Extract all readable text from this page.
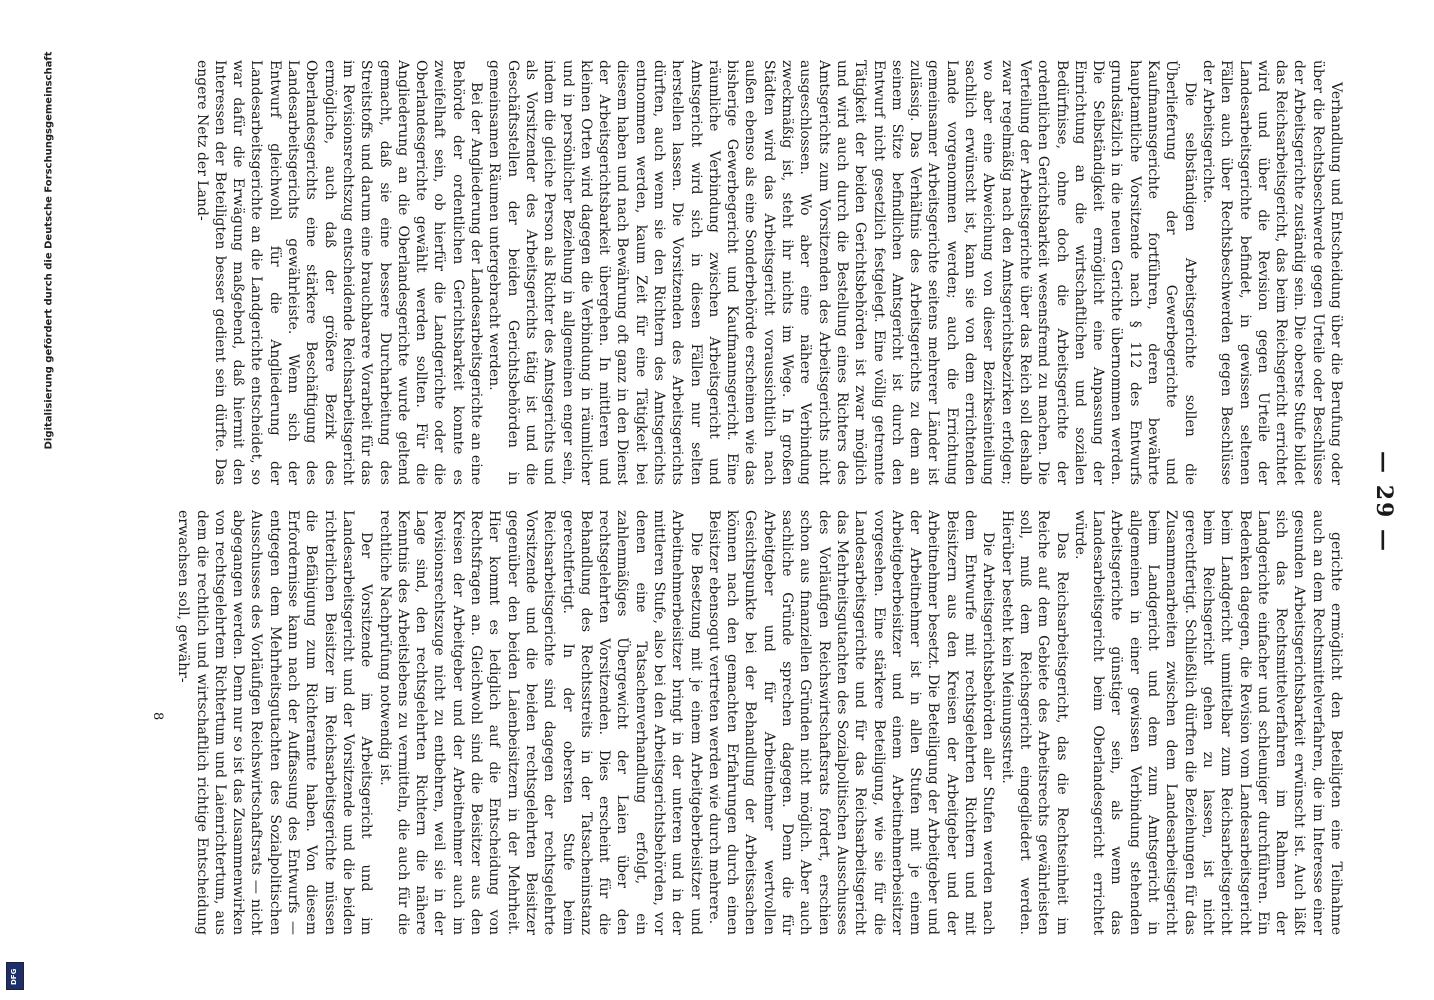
— 29 —

Verhandlung und Entscheidung über die Berufung oder über die Rechtsbeschwerde gegen Urteile oder Beschlüsse der Arbeitsgerichte zuständig sein. Die oberste Stufe bildet das Reichsarbeitsgericht, das beim Reichsgericht errichtet wird und über die Revision gegen Urteile der Landesarbeitsgerichte befindet, in gewissen seltenen Fällen auch über Rechtsbeschwerden gegen Beschlüsse der Arbeitsgerichte.

Die selbständigen Arbeitsgerichte sollen die Überlieferung der Gewerbegerichte und Kaufmannsgerichte fortführen, deren bewährte hauptamtliche Vorsitzende nach § 112 des Entwurfs grundsätzlich in die neuen Gerichte übernommen werden. Die Selbständigkeit ermöglicht eine Anpassung der Einrichtung an die wirtschaftlichen und sozialen Bedürfnisse, ohne doch die Arbeitsgerichte der ordentlichen Gerichtsbarkeit wesensfremd zu machen. Die Verteilung der Arbeitsgerichte über das Reich soll deshalb zwar regelmäßig nach den Amtsgerichtsbezirken erfolgen; wo aber eine Abweichung von dieser Bezirkseinteilung sachlich erwünscht ist, kann sie von dem errichtenden Lande vorgenommen werden; auch die Errichtung gemeinsamer Arbeitsgerichte seitens mehrerer Länder ist zulässig. Das Verhältnis des Arbeitsgerichts zu dem an seinem Sitze befindlichen Amtsgericht ist durch den Entwurf nicht gesetzlich festgelegt. Eine völlig getrennte Tätigkeit der beiden Gerichtsbehörden ist zwar möglich und wird auch durch die Bestellung eines Richters des Amtsgerichts zum Vorsitzenden des Arbeitsgerichts nicht ausgeschlossen. Wo aber eine nähere Verbindung zweckmäßig ist, steht ihr nichts im Wege. In großen Städten wird das Arbeitsgericht voraussichtlich nach außen ebenso als eine Sonderbehörde erscheinen wie das bisherige Gewerbegericht und Kaufmannsgericht. Eine räumliche Verbindung zwischen Arbeitsgericht und Amtsgericht wird sich in diesen Fällen nur selten herstellen lassen. Die Vorsitzenden des Arbeitsgerichts dürften, auch wenn sie den Richtern des Amtsgerichts entnommen werden, kaum Zeit für eine Tätigkeit bei diesem haben und nach Bewährung oft ganz in den Dienst der Arbeitsgerichtsbarkeit übergehen. In mittleren und kleinen Orten wird dagegen die Verbindung in räumlicher und in persönlicher Beziehung in allgemeinen enger sein, indem die gleiche Person als Richter des Amtsgerichts und als Vorsitzender des Arbeitsgerichts tätig ist und die Geschäftsstellen der beiden Gerichtsbehörden in gemeinsamen Räumen untergebracht werden.

Bei der Angliederung der Landesarbeitsgerichte an eine Behörde der ordentlichen Gerichtsbarkeit konnte es zweifelhaft sein, ob hierfür die Landgerichte oder die Oberlandesgerichte gewählt werden sollten. Für die Angliederung an die Oberlandesgerichte wurde geltend gemacht, daß sie eine bessere Durcharbeitung des Streitstoffs und darum eine brauchbarere Vorarbeit für das im Revisionsrechtszug entscheidende Reichsarbeitsgericht ermögliche, auch daß der größere Bezirk des Oberlandesgerichts eine stärkere Beschäftigung des Landesarbeitsgerichts gewährleiste. Wenn sich der Entwurf gleichwohl für die Angliederung der Landesarbeitsgerichte an die Landgerichte entscheidet, so war dafür die Erwägung maßgebend, daß hiermit den Interessen der Beteiligten besser gedient sein dürfte. Das engere Netz der Land-

gerichte ermöglicht den Beteiligten eine Teilnahme auch an dem Rechtsmittelverfahren, die im Interesse einer gesunden Arbeitsgerichtsbarkeit erwünscht ist. Auch läßt sich das Rechtsmittelverfahren im Rahmen der Landgerichte einfacher und schleuniger durchführen. Ein Bedenken dagegen, die Revision vom Landesarbeitsgericht beim Landgericht unmittelbar zum Reichsarbeitsgericht beim Reichsgericht gehen zu lassen, ist nicht gerechtfertigt. Schließlich dürften die Beziehungen für das Zusammenarbeiten zwischen dem Landesarbeitsgericht beim Landgericht und dem zum Amtsgericht in allgemeinen in einer gewissen Verbindung stehenden Arbeitsgerichte günstiger sein, als wenn das Landesarbeitsgericht beim Oberlandesgericht errichtet würde.

Das Reichsarbeitsgericht, das die Rechtseinheit im Reiche auf dem Gebiete des Arbeitsrechts gewährleisten soll, muß dem Reichsgericht eingegliedert werden. Hierüber besteht kein Meinungsstreit.

Die Arbeitsgerichtsbehörden aller Stufen werden nach dem Entwurfe mit rechtsgelehrten Richtern und mit Beisitzern aus den Kreisen der Arbeitgeber und der Arbeitnehmer besetzt. Die Beteiligung der Arbeitgeber und der Arbeitnehmer ist in allen Stufen mit je einem Arbeitgeberbeisitzer und einem Arbeitnehmerbeisitzer vorgesehen. Eine stärkere Beteiligung, wie sie für die Landesarbeitsgerichte und für das Reichsarbeitsgericht das Mehrheitsgutachten des Sozialpolitischen Ausschusses des Vorläufigen Reichswirtschaftsrats fordert, erschien schon aus finanziellen Gründen nicht möglich. Aber auch sachliche Gründe sprechen dagegen. Denn die für Arbeitgeber und für Arbeitnehmer wertvollen Gesichtspunkte bei der Behandlung der Arbeitssachen können nach den gemachten Erfahrungen durch einen Beisitzer ebensogut vertreten werden wie durch mehrere.

Die Besetzung mit je einem Arbeitgeberbeisitzer und Arbeitnehmerbeisitzer bringt in der unteren und in der mittleren Stufe, also bei den Arbeitsgerichtsbehörden, vor denen eine Tatsachenverhandlung erfolgt, ein zahlenmäßiges Übergewicht der Laien über den rechtsgelehrten Vorsitzenden. Dies erscheint für die Behandlung des Rechtsstreits in der Tatsacheninstanz gerechtfertigt. In der obersten Stufe beim Reichsarbeitsgerichte sind dagegen der rechtsgelehrte Vorsitzende und die beiden rechtsgelehrten Beisitzer gegenüber den beiden Laienbeisitzern in der Mehrheit. Hier kommt es lediglich auf die Entscheidung von Rechtsfragen an. Gleichwohl sind die Beisitzer aus den Kreisen der Arbeitgeber und der Arbeitnehmer auch im Revisionsrechtszuge nicht zu entbehren, weil sie in der Lage sind, den rechtsgelehrten Richtern die nähere Kenntnis des Arbeitslebens zu vermitteln, die auch für die rechtliche Nachprüfung notwendig ist.

Der Vorsitzende im Arbeitsgericht und im Landesarbeitsgericht und der Vorsitzende und die beiden richterlichen Beisitzer im Reichsarbeitsgerichte müssen die Befähigung zum Richteramte haben. Von diesem Erfordernisse kann nach der Auffassung des Entwurfs — entgegen dem Mehrheitsgutachten des Sozialpolitischen Ausschusses des Vorläufigen Reichswirtschaftsrats — nicht abgegangen werden. Denn nur so ist das Zusammenwirken von rechtsgelehrtem Richtertum und Laienrichtertum, aus dem die rechtlich und wirtschaftlich richtige Entscheidung erwachsen soll, gewähr-

8
Digitalisierung gefördert durch die Deutsche Forschungsgemeinschaft
DFG
